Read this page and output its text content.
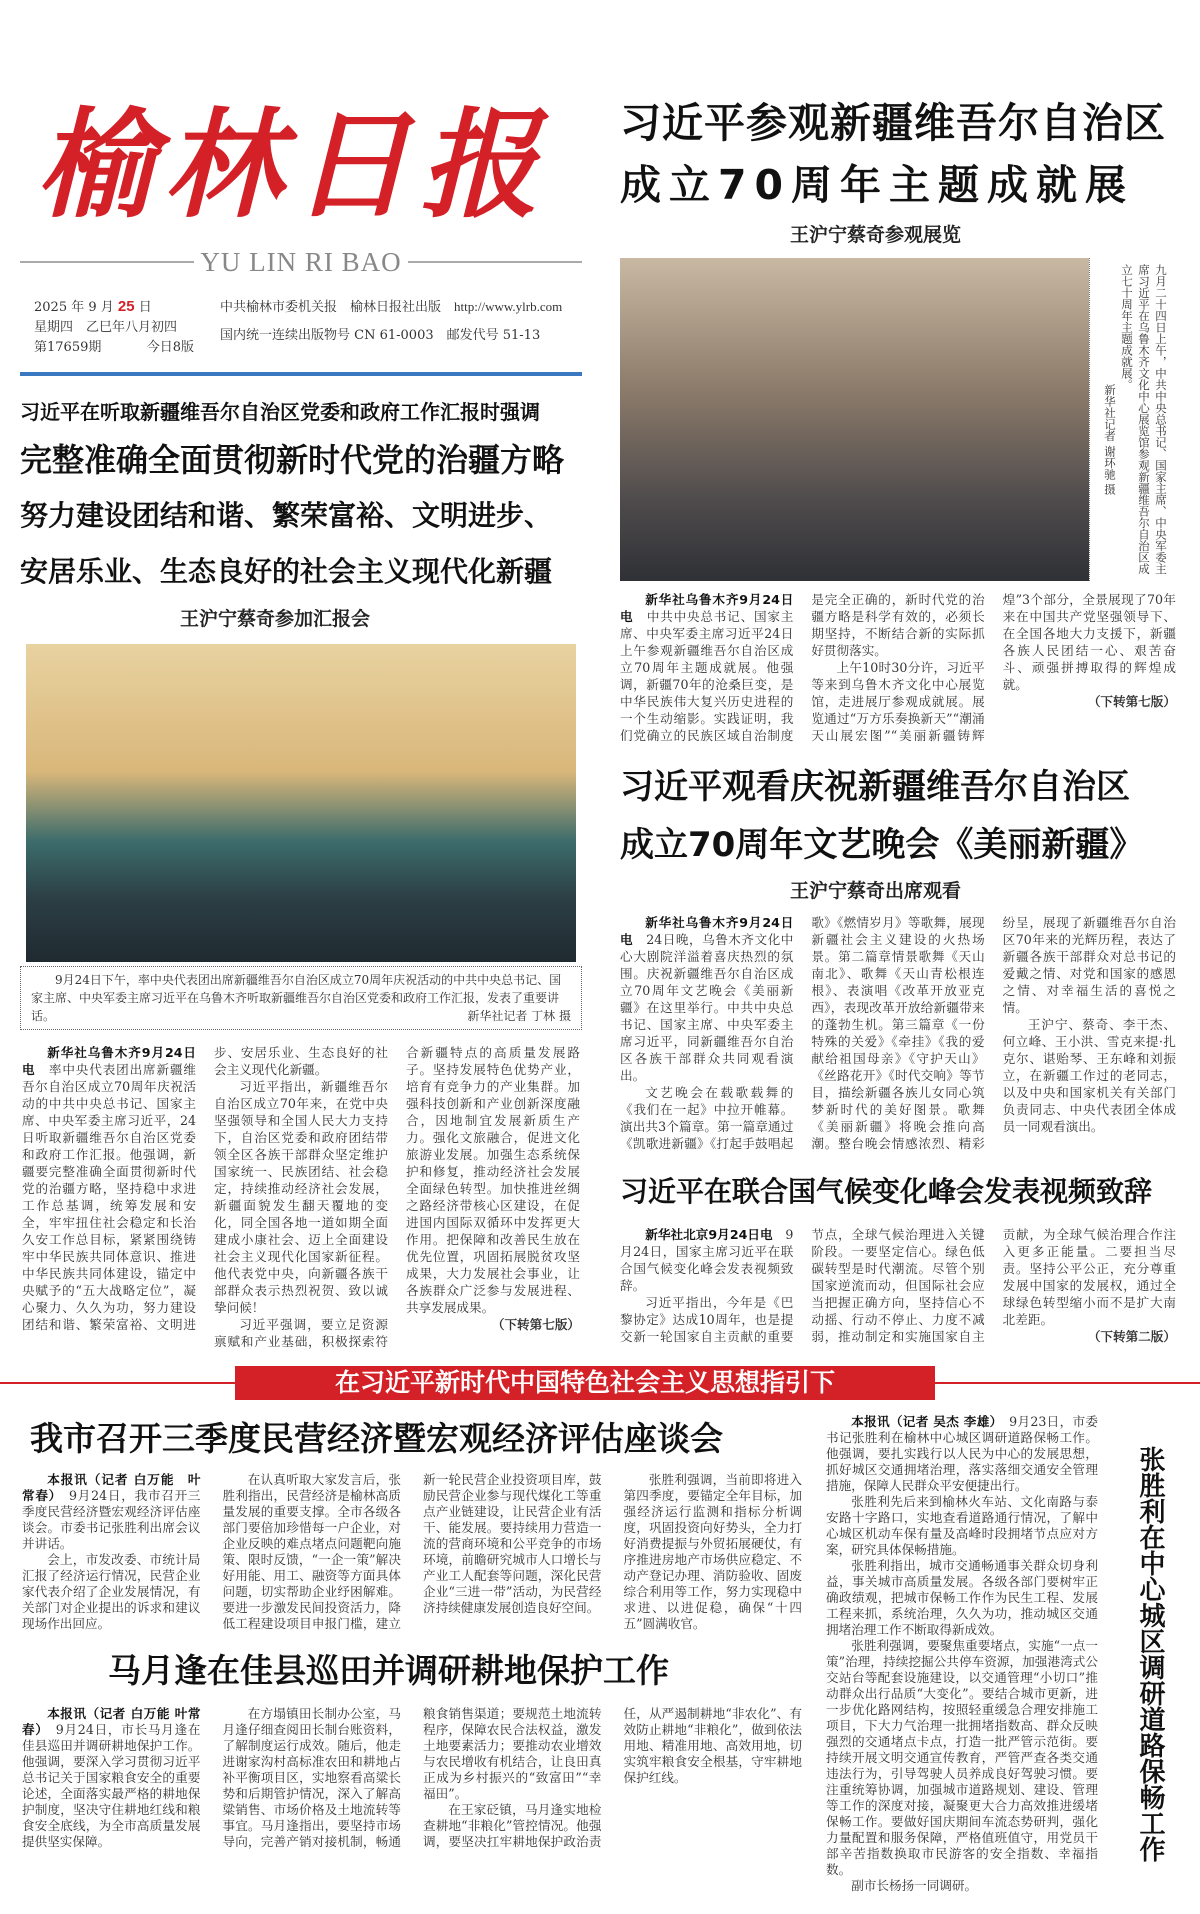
榆林日报
YU LIN RI BAO
2025 年 9 月 25 日
星期四　乙巳年八月初四
第17659期	今日8版
中共榆林市委机关报　榆林日报社出版　 http://www.ylrb.com
国内统一连续出版物号 CN 61-0003　邮发代号 51-13
习近平在听取新疆维吾尔自治区党委和政府工作汇报时强调
完整准确全面贯彻新时代党的治疆方略
努力建设团结和谐、繁荣富裕、文明进步、
安居乐业、生态良好的社会主义现代化新疆
王沪宁蔡奇参加汇报会
9月24日下午，率中央代表团出席新疆维吾尔自治区成立70周年庆祝活动的中共中央总书记、国家主席、中央军委主席习近平在乌鲁木齐听取新疆维吾尔自治区党委和政府工作汇报，发表了重要讲话。	新华社记者 丁林 摄

新华社乌鲁木齐9月24日电　 率中央代表团出席新疆维吾尔自治区成立70周年庆祝活动的中共中央总书记、国家主席、中央军委主席习近平，24日听取新疆维吾尔自治区党委和政府工作汇报。他强调，新疆要完整准确全面贯彻新时代党的治疆方略，坚持稳中求进工作总基调，统筹发展和安全，牢牢扭住社会稳定和长治久安工作总目标，紧紧围绕铸牢中华民族共同体意识、推进中华民族共同体建设，锚定中央赋予的“五大战略定位”，凝心聚力、久久为功，努力建设团结和谐、繁荣富裕、文明进步、安居乐业、生态良好的社会主义现代化新疆。

习近平指出，新疆维吾尔自治区成立70年来，在党中央坚强领导和全国人民大力支持下，自治区党委和政府团结带领全区各族干部群众坚定维护国家统一、民族团结、社会稳定，持续推动经济社会发展，新疆面貌发生翻天覆地的变化，同全国各地一道如期全面建成小康社会、迈上全面建设社会主义现代化国家新征程。他代表党中央，向新疆各族干部群众表示热烈祝贺、致以诚挚问候！

习近平强调，要立足资源禀赋和产业基础，积极探索符合新疆特点的高质量发展路子。坚持发展特色优势产业，培育有竞争力的产业集群。加强科技创新和产业创新深度融合，因地制宜发展新质生产力。强化文旅融合，促进文化旅游业发展。加强生态系统保护和修复，推动经济社会发展全面绿色转型。加快推进丝绸之路经济带核心区建设，在促进国内国际双循环中发挥更大作用。把保障和改善民生放在优先位置，巩固拓展脱贫攻坚成果，大力发展社会事业，让各族群众广泛参与发展进程、共享发展成果。

（下转第七版）
习近平参观新疆维吾尔自治区
成立70周年主题成就展
王沪宁蔡奇参观展览
九月二十四日上午，中共中央总书记、国家主席、中央军委主席习近平在乌鲁木齐文化中心展览馆参观新疆维吾尔自治区成立七十周年主题成就展。
新华社记者 谢环驰 摄

新华社乌鲁木齐9月24日电　 中共中央总书记、国家主席、中央军委主席习近平24日上午参观新疆维吾尔自治区成立70周年主题成就展。他强调，新疆70年的沧桑巨变，是中华民族伟大复兴历史进程的一个生动缩影。实践证明，我们党确立的民族区域自治制度是完全正确的，新时代党的治疆方略是科学有效的，必须长期坚持，不断结合新的实际抓好贯彻落实。

上午10时30分许，习近平等来到乌鲁木齐文化中心展览馆，走进展厅参观成就展。展览通过“万方乐奏换新天”“潮涌天山展宏图”“美丽新疆铸辉煌”3个部分，全景展现了70年来在中国共产党坚强领导下、在全国各地大力支援下，新疆各族人民团结一心、艰苦奋斗、顽强拼搏取得的辉煌成就。

（下转第七版）
习近平观看庆祝新疆维吾尔自治区
成立70周年文艺晚会《美丽新疆》
王沪宁蔡奇出席观看

新华社乌鲁木齐9月24日电　 24日晚，乌鲁木齐文化中心大剧院洋溢着喜庆热烈的氛围。庆祝新疆维吾尔自治区成立70周年文艺晚会《美丽新疆》在这里举行。中共中央总书记、国家主席、中央军委主席习近平，同新疆维吾尔自治区各族干部群众共同观看演出。

文艺晚会在载歌载舞的《我们在一起》中拉开帷幕。演出共3个篇章。第一篇章通过《凯歌进新疆》《打起手鼓唱起歌》《燃情岁月》等歌舞，展现新疆社会主义建设的火热场景。第二篇章情景歌舞《天山南北》、歌舞《天山青松根连根》、表演唱《改革开放亚克西》，表现改革开放给新疆带来的蓬勃生机。第三篇章《一份特殊的关爱》《牵挂》《我的爱献给祖国母亲》《守护天山》《丝路花开》《时代交响》等节目，描绘新疆各族儿女同心筑梦新时代的美好图景。歌舞《美丽新疆》将晚会推向高潮。整台晚会情感浓烈、精彩纷呈，展现了新疆维吾尔自治区70年来的光辉历程，表达了新疆各族干部群众对总书记的爱戴之情、对党和国家的感恩之情、对幸福生活的喜悦之情。

王沪宁、蔡奇、李干杰、何立峰、王小洪、雪克来提·扎克尔、谌贻琴、王东峰和刘振立，在新疆工作过的老同志，以及中央和国家机关有关部门负责同志、中央代表团全体成员一同观看演出。

习近平在联合国气候变化峰会发表视频致辞

新华社北京9月24日电　 9月24日，国家主席习近平在联合国气候变化峰会发表视频致辞。

习近平指出，今年是《巴黎协定》达成10周年，也是提交新一轮国家自主贡献的重要节点，全球气候治理进入关键阶段。一要坚定信心。绿色低碳转型是时代潮流。尽管个别国家逆流而动，但国际社会应当把握正确方向，坚持信心不动摇、行动不停止、力度不减弱，推动制定和实施国家自主贡献，为全球气候治理合作注入更多正能量。二要担当尽责。坚持公平公正，充分尊重发展中国家的发展权，通过全球绿色转型缩小而不是扩大南北差距。

（下转第二版）
在习近平新时代中国特色社会主义思想指引下
我市召开三季度民营经济暨宏观经济评估座谈会

本报讯（记者 白万能　叶常春）　 9月24日，我市召开三季度民营经济暨宏观经济评估座谈会。市委书记张胜利出席会议并讲话。

会上，市发改委、市统计局汇报了经济运行情况，民营企业家代表介绍了企业发展情况，有关部门对企业提出的诉求和建议现场作出回应。

在认真听取大家发言后，张胜利指出，民营经济是榆林高质量发展的重要支撑。全市各级各部门要倍加珍惜每一户企业，对企业反映的难点堵点问题靶向施策、限时反馈，“一企一策”解决好用能、用工、融资等方面具体问题，切实帮助企业纾困解难。要进一步激发民间投资活力，降低工程建设项目申报门槛，建立新一轮民营企业投资项目库，鼓励民营企业参与现代煤化工等重点产业链建设，让民营企业有活干、能发展。要持续用力营造一流的营商环境和公平竞争的市场环境，前瞻研究城市人口增长与产业工人配套等问题，深化民营企业“三进一带”活动，为民营经济持续健康发展创造良好空间。

张胜利强调，当前即将进入第四季度，要锚定全年目标，加强经济运行监测和指标分析调度，巩固投资向好势头，全力打好消费提振与外贸拓展硬仗，有序推进房地产市场供应稳定、不动产登记办理、消防验收、固废综合利用等工作，努力实现稳中求进、以进促稳，确保“十四五”圆满收官。

马月逢在佳县巡田并调研耕地保护工作

本报讯（记者 白万能 叶常春）　 9月24日，市长马月逢在佳县巡田并调研耕地保护工作。他强调，要深入学习贯彻习近平总书记关于国家粮食安全的重要论述，全面落实最严格的耕地保护制度，坚决守住耕地红线和粮食安全底线，为全市高质量发展提供坚实保障。

在方塌镇田长制办公室，马月逢仔细查阅田长制台账资料，了解制度运行成效。随后，他走进谢家沟村高标准农田和耕地占补平衡项目区，实地察看高粱长势和后期管护情况，深入了解高粱销售、市场价格及土地流转等事宜。马月逢指出，要坚持市场导向，完善产销对接机制，畅通粮食销售渠道；要规范土地流转程序，保障农民合法权益，激发土地要素活力；要推动农业增效与农民增收有机结合，让良田真正成为乡村振兴的“致富田”“幸福田”。

在王家砭镇，马月逢实地检查耕地“非粮化”管控情况。他强调，要坚决扛牢耕地保护政治责任，从严遏制耕地“非农化”、有效防止耕地“非粮化”，做到依法用地、精准用地、高效用地，切实筑牢粮食安全根基，守牢耕地保护红线。

本报讯（记者 吴杰 李雄）　 9月23日，市委书记张胜利在榆林中心城区调研道路保畅工作。他强调，要扎实践行以人民为中心的发展思想，抓好城区交通拥堵治理，落实落细交通安全管理措施，保障人民群众平安便捷出行。

张胜利先后来到榆林火车站、文化南路与泰安路十字路口，实地查看道路通行情况，了解中心城区机动车保有量及高峰时段拥堵节点应对方案，研究具体保畅措施。

张胜利指出，城市交通畅通事关群众切身利益，事关城市高质量发展。各级各部门要树牢正确政绩观，把城市保畅工作作为民生工程、发展工程来抓，系统治理，久久为功，推动城区交通拥堵治理工作不断取得新成效。

张胜利强调，要聚焦重要堵点，实施“一点一策”治理，持续挖掘公共停车资源，加强港湾式公交站台等配套设施建设，以交通管理“小切口”推动群众出行品质“大变化”。要结合城市更新，进一步优化路网结构，按照轻重缓急合理安排施工项目，下大力气治理一批拥堵指数高、群众反映强烈的交通堵点卡点，打造一批严管示范街。要持续开展文明交通宣传教育，严管严查各类交通违法行为，引导驾驶人员养成良好驾驶习惯。要注重统筹协调，加强城市道路规划、建设、管理等工作的深度对接，凝聚更大合力高效推进缓堵保畅工作。要做好国庆期间车流态势研判，强化力量配置和服务保障，严格值班值守，用党员干部辛苦指数换取市民游客的安全指数、幸福指数。

副市长杨扬一同调研。

张胜利在中心城区调研道路保畅工作
